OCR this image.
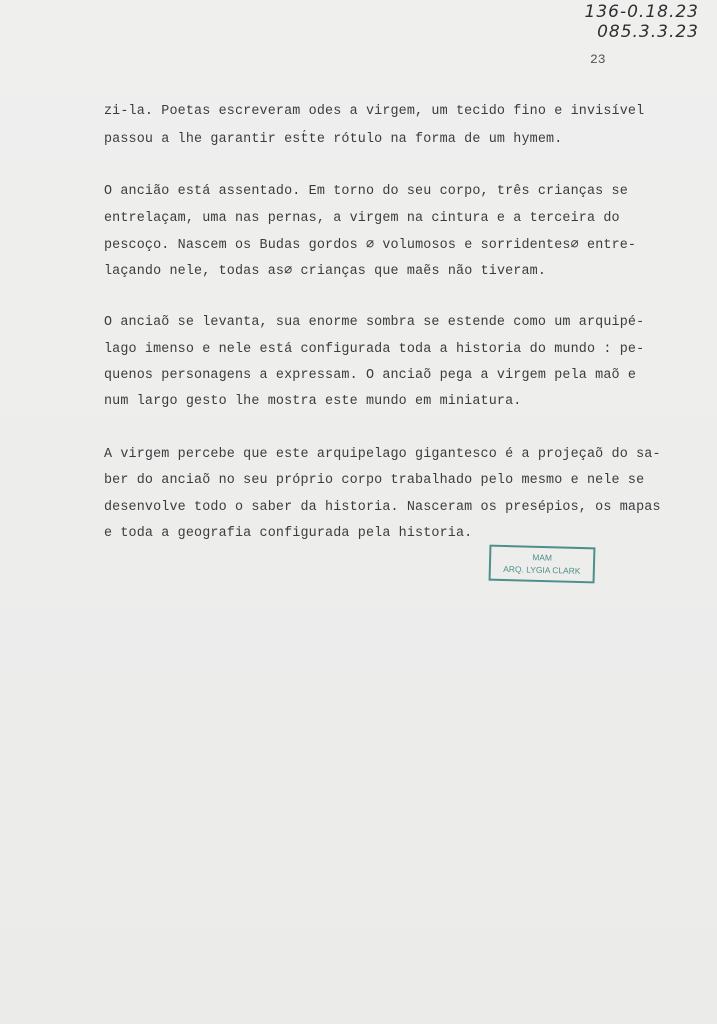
136-0.18.23
085.3.3.23
23
zi-la. Poetas escreveram odes a virgem, um tecido fino e invisível
passou a lhe garantir est́te rótulo na forma de um hymem.
O ancião está assentado. Em torno do seu corpo, três crianças se
entrelaçam, uma nas pernas, a virgem na cintura e a terceira do
pescoço. Nascem os Budas gordos ∅ volumosos e sorridentes∅ entre-
laçando nele, todas as∅ crianças que maẽs não tiveram.
O anciaõ se levanta, sua enorme sombra se estende como um arquipé-
lago imenso e nele está configurada toda a historia do mundo : pe-
quenos personagens a expressam. O anciaõ pega a virgem pela maõ e
num largo gesto lhe mostra este mundo em miniatura.
A virgem percebe que este arquipelago gigantesco é a projeçaõ do sa-
ber do anciaõ no seu próprio corpo trabalhado pelo mesmo e nele se
desenvolve todo o saber da historia. Nasceram os presépios, os mapas
e toda a geografia configurada pela historia.
MAM
ARQ. LYGIA CLARK
